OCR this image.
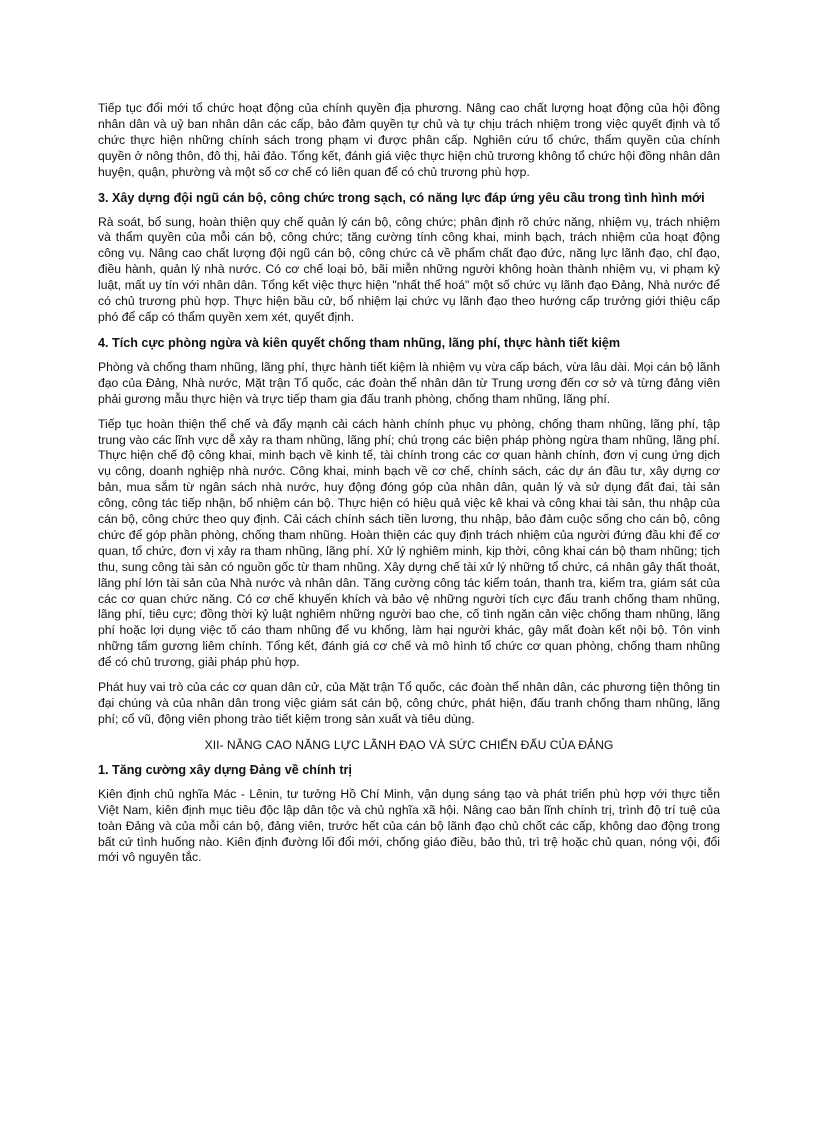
Tiếp tục đổi mới tổ chức hoạt động của chính quyền địa phương. Nâng cao chất lượng hoạt động của hội đồng nhân dân và uỷ ban nhân dân các cấp, bảo đảm quyền tự chủ và tự chịu trách nhiệm trong việc quyết định và tổ chức thực hiện những chính sách trong phạm vi được phân cấp. Nghiên cứu tổ chức, thẩm quyền của chính quyền ở nông thôn, đô thị, hải đảo. Tổng kết, đánh giá việc thực hiện chủ trương không tổ chức hội đồng nhân dân huyện, quận, phường và một số cơ chế có liên quan để có chủ trương phù hợp.

3. Xây dựng đội ngũ cán bộ, công chức trong sạch, có năng lực đáp ứng yêu cầu trong tình hình mới

Rà soát, bổ sung, hoàn thiện quy chế quản lý cán bộ, công chức; phân định rõ chức năng, nhiệm vụ, trách nhiệm và thẩm quyền của mỗi cán bộ, công chức; tăng cường tính công khai, minh bạch, trách nhiệm của hoạt động công vụ. Nâng cao chất lượng đội ngũ cán bộ, công chức cả về phẩm chất đạo đức, năng lực lãnh đạo, chỉ đạo, điều hành, quản lý nhà nước. Có cơ chế loại bỏ, bãi miễn những người không hoàn thành nhiệm vụ, vi phạm kỷ luật, mất uy tín với nhân dân. Tổng kết việc thực hiện "nhất thể hoá" một số chức vụ lãnh đạo Đảng, Nhà nước để có chủ trương phù hợp. Thực hiện bầu cử, bổ nhiệm lại chức vụ lãnh đạo theo hướng cấp trưởng giới thiệu cấp phó để cấp có thẩm quyền xem xét, quyết định.

4. Tích cực phòng ngừa và kiên quyết chống tham nhũng, lãng phí, thực hành tiết kiệm

Phòng và chống tham nhũng, lãng phí, thực hành tiết kiệm là nhiệm vụ vừa cấp bách, vừa lâu dài. Mọi cán bộ lãnh đạo của Đảng, Nhà nước, Mặt trận Tổ quốc, các đoàn thể nhân dân từ Trung ương đến cơ sở và từng đảng viên phải gương mẫu thực hiện và trực tiếp tham gia đấu tranh phòng, chống tham nhũng, lãng phí.

Tiếp tục hoàn thiện thể chế và đẩy mạnh cải cách hành chính phục vụ phòng, chống tham nhũng, lãng phí, tập trung vào các lĩnh vực dễ xảy ra tham nhũng, lãng phí; chú trọng các biện pháp phòng ngừa tham nhũng, lãng phí. Thực hiện chế độ công khai, minh bạch về kinh tế, tài chính trong các cơ quan hành chính, đơn vị cung ứng dịch vụ công, doanh nghiệp nhà nước. Công khai, minh bạch về cơ chế, chính sách, các dự án đầu tư, xây dựng cơ bản, mua sắm từ ngân sách nhà nước, huy động đóng góp của nhân dân, quản lý và sử dụng đất đai, tài sản công, công tác tiếp nhận, bổ nhiệm cán bộ. Thực hiện có hiệu quả việc kê khai và công khai tài sản, thu nhập của cán bộ, công chức theo quy định. Cải cách chính sách tiền lương, thu nhập, bảo đảm cuộc sống cho cán bộ, công chức để góp phần phòng, chống tham nhũng. Hoàn thiện các quy định trách nhiệm của người đứng đầu khi để cơ quan, tổ chức, đơn vị xảy ra tham nhũng, lãng phí. Xử lý nghiêm minh, kịp thời, công khai cán bộ tham nhũng; tịch thu, sung công tài sản có nguồn gốc từ tham nhũng. Xây dựng chế tài xử lý những tổ chức, cá nhân gây thất thoát, lãng phí lớn tài sản của Nhà nước và nhân dân. Tăng cường công tác kiểm toán, thanh tra, kiểm tra, giám sát của các cơ quan chức năng. Có cơ chế khuyến khích và bảo vệ những người tích cực đấu tranh chống tham nhũng, lãng phí, tiêu cực; đồng thời kỷ luật nghiêm những người bao che, cố tình ngăn cản việc chống tham nhũng, lãng phí hoặc lợi dụng việc tố cáo tham nhũng để vu khống, làm hại người khác, gây mất đoàn kết nội bộ. Tôn vinh những tấm gương liêm chính. Tổng kết, đánh giá cơ chế và mô hình tổ chức cơ quan phòng, chống tham nhũng để có chủ trương, giải pháp phù hợp.

Phát huy vai trò của các cơ quan dân cử, của Mặt trận Tổ quốc, các đoàn thể nhân dân, các phương tiện thông tin đại chúng và của nhân dân trong việc giám sát cán bộ, công chức, phát hiện, đấu tranh chống tham nhũng, lãng phí; cổ vũ, động viên phong trào tiết kiệm trong sản xuất và tiêu dùng.

XII- NÂNG CAO NĂNG LỰC LÃNH ĐẠO VÀ SỨC CHIẾN ĐẤU CỦA ĐẢNG
1. Tăng cường xây dựng Đảng về chính trị

Kiên định chủ nghĩa Mác - Lênin, tư tưởng Hồ Chí Minh, vận dụng sáng tạo và phát triển phù hợp với thực tiễn Việt Nam, kiên định mục tiêu độc lập dân tộc và chủ nghĩa xã hội. Nâng cao bản lĩnh chính trị, trình độ trí tuệ của toàn Đảng và của mỗi cán bộ, đảng viên, trước hết của cán bộ lãnh đạo chủ chốt các cấp, không dao động trong bất cứ tình huống nào. Kiên định đường lối đổi mới, chống giáo điều, bảo thủ, trì trệ hoặc chủ quan, nóng vội, đổi mới vô nguyên tắc.
